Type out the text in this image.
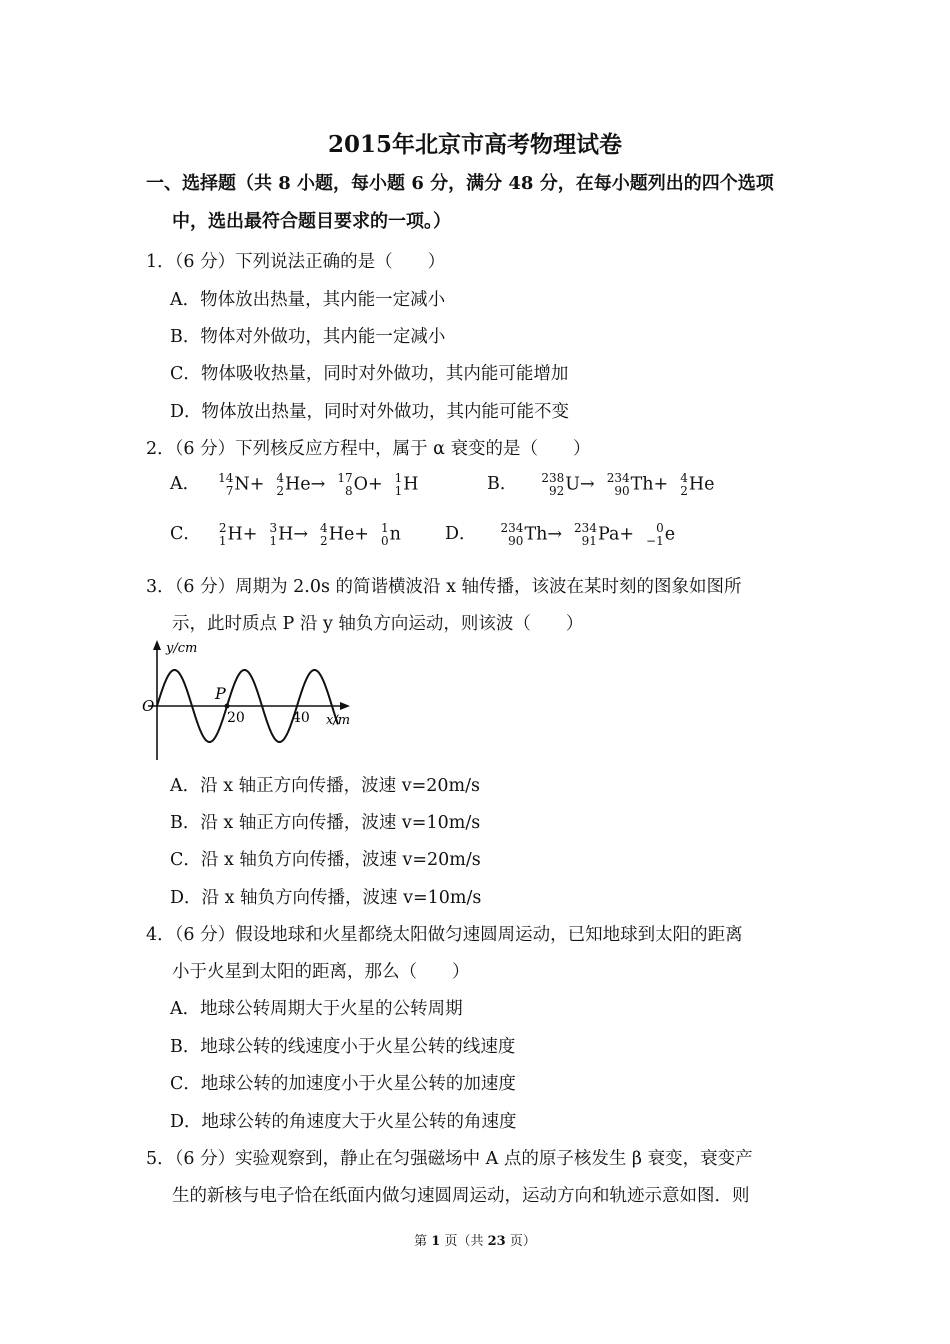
2015年北京市高考物理试卷
一、选择题（共 8 小题，每小题 6 分，满分 48 分，在每小题列出的四个选项
中，选出最符合题目要求的一项。）
1．（6 分）下列说法正确的是（　　）
A．物体放出热量，其内能一定减小
B．物体对外做功，其内能一定减小
C．物体吸收热量，同时对外做功，其内能可能增加
D．物体放出热量，同时对外做功，其内能可能不变
2．（6 分）下列核反应方程中，属于 α 衰变的是（　　）
A． 14
7 N+ 4
2 He→ 17
8 O+ 1
1 H	B． 238
92 U→ 234
90 Th+ 4
2 He
C． 2
1 H+ 3
1 H→ 4
2 He+ 1
0 n	D． 234
90 Th→ 234
91 Pa+ 0
−1 e
3．（6 分）周期为 2.0s 的简谐横波沿 x 轴传播，该波在某时刻的图象如图所
示，此时质点 P 沿 y 轴负方向运动，则该波（　　）
P
O
y/cm
x/m
20	40
A．沿 x 轴正方向传播，波速 v=20m/s
B．沿 x 轴正方向传播，波速 v=10m/s
C．沿 x 轴负方向传播，波速 v=20m/s
D．沿 x 轴负方向传播，波速 v=10m/s
4．（6 分）假设地球和火星都绕太阳做匀速圆周运动，已知地球到太阳的距离
小于火星到太阳的距离，那么（　　）
A．地球公转周期大于火星的公转周期
B．地球公转的线速度小于火星公转的线速度
C．地球公转的加速度小于火星公转的加速度
D．地球公转的角速度大于火星公转的角速度
5．（6 分）实验观察到，静止在匀强磁场中 A 点的原子核发生 β 衰变，衰变产
生的新核与电子恰在纸面内做匀速圆周运动，运动方向和轨迹示意如图．则
第 1 页（共 23 页）
